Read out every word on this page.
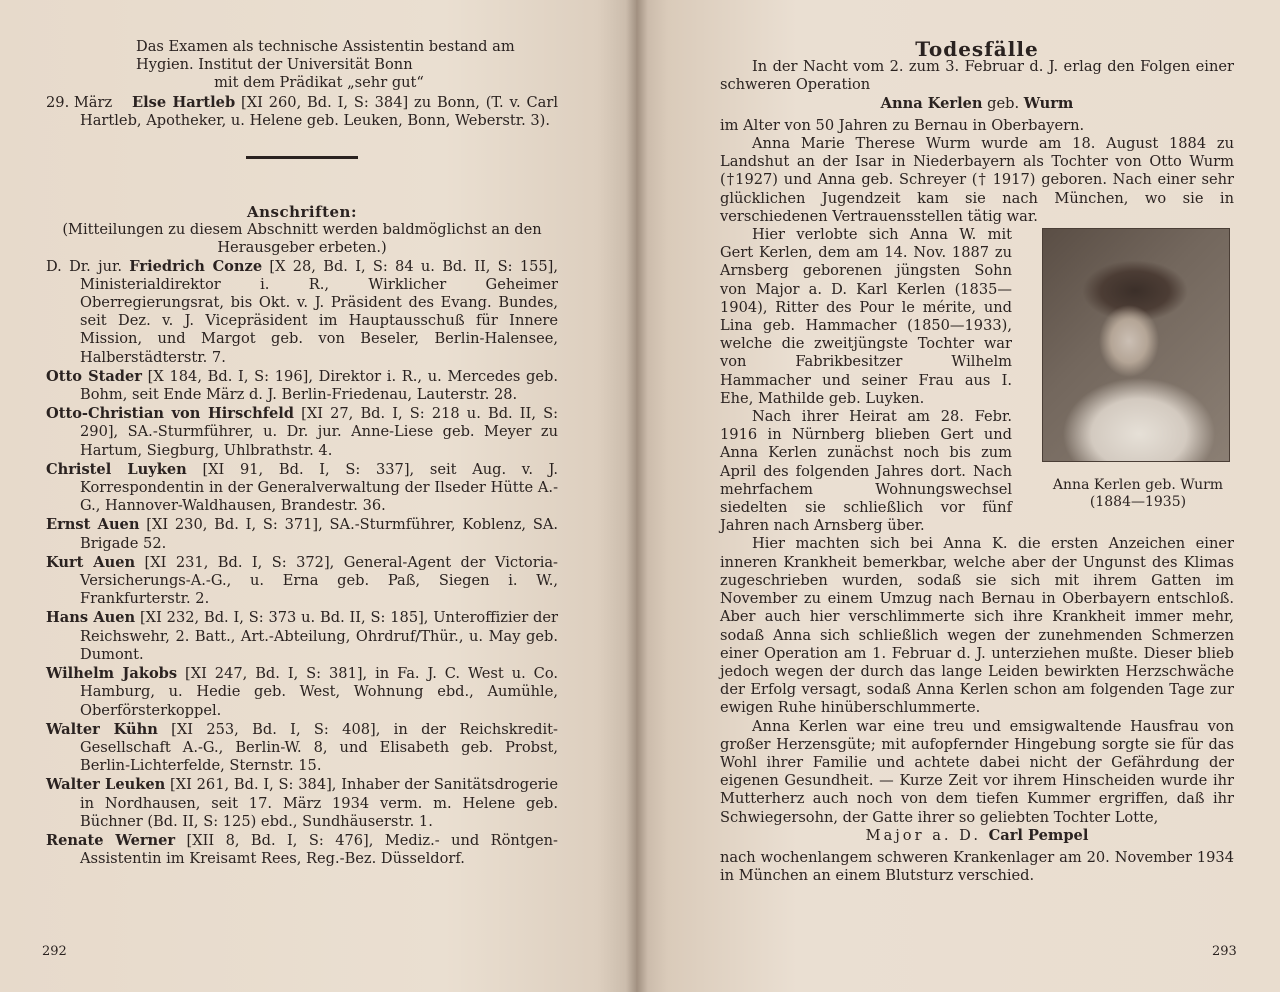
Das Examen als technische Assistentin bestand am

Hygien. Institut der Universität Bonn

mit dem Prädikat „sehr gut“

29. März Else Hartleb [XI 260, Bd. I, S: 384] zu Bonn, (T. v. Carl Hartleb, Apotheker, u. Helene geb. Leuken, Bonn, Weberstr. 3).

Anschriften:

(Mitteilungen zu diesem Abschnitt werden baldmöglichst an den Herausgeber erbeten.)

D. Dr. jur. Friedrich Conze [X 28, Bd. I, S: 84 u. Bd. II, S: 155], Ministerialdirektor i. R., Wirklicher Geheimer Oberregierungsrat, bis Okt. v. J. Präsident des Evang. Bundes, seit Dez. v. J. Vicepräsident im Hauptausschuß für Innere Mission, und Margot geb. von Beseler, Berlin-Halensee, Halberstädterstr. 7.

Otto Stader [X 184, Bd. I, S: 196], Direktor i. R., u. Mercedes geb. Bohm, seit Ende März d. J. Berlin-Friedenau, Lauterstr. 28.

Otto-Christian von Hirschfeld [XI 27, Bd. I, S: 218 u. Bd. II, S: 290], SA.-Sturmführer, u. Dr. jur. Anne-Liese geb. Meyer zu Hartum, Siegburg, Uhlbrathstr. 4.

Christel Luyken [XI 91, Bd. I, S: 337], seit Aug. v. J. Korrespondentin in der Generalverwaltung der Ilseder Hütte A.-G., Hannover-Waldhausen, Brandestr. 36.

Ernst Auen [XI 230, Bd. I, S: 371], SA.-Sturmführer, Koblenz, SA. Brigade 52.

Kurt Auen [XI 231, Bd. I, S: 372], General-Agent der Victoria-Versicherungs-A.-G., u. Erna geb. Paß, Siegen i. W., Frankfurterstr. 2.

Hans Auen [XI 232, Bd. I, S: 373 u. Bd. II, S: 185], Unteroffizier der Reichswehr, 2. Batt., Art.-Abteilung, Ohrdruf/Thür., u. May geb. Dumont.

Wilhelm Jakobs [XI 247, Bd. I, S: 381], in Fa. J. C. West u. Co. Hamburg, u. Hedie geb. West, Wohnung ebd., Aumühle, Oberförsterkoppel.

Walter Kühn [XI 253, Bd. I, S: 408], in der Reichskredit-Gesellschaft A.-G., Berlin-W. 8, und Elisabeth geb. Probst, Berlin-Lichterfelde, Sternstr. 15.

Walter Leuken [XI 261, Bd. I, S: 384], Inhaber der Sanitätsdrogerie in Nordhausen, seit 17. März 1934 verm. m. Helene geb. Büchner (Bd. II, S: 125) ebd., Sundhäuserstr. 1.

Renate Werner [XII 8, Bd. I, S: 476], Mediz.- und Röntgen-Assistentin im Kreisamt Rees, Reg.-Bez. Düsseldorf.

292

Todesfälle

In der Nacht vom 2. zum 3. Februar d. J. erlag den Folgen einer schweren Operation

Anna Kerlen geb. Wurm

im Alter von 50 Jahren zu Bernau in Oberbayern.

Anna Marie Therese Wurm wurde am 18. August 1884 zu Landshut an der Isar in Niederbayern als Tochter von Otto Wurm (†1927) und Anna geb. Schreyer († 1917) geboren. Nach einer sehr glücklichen Jugendzeit kam sie nach München, wo sie in verschiedenen Vertrauensstellen tätig war.

Anna Kerlen geb. Wurm
(1884—1935)

Hier verlobte sich Anna W. mit Gert Kerlen, dem am 14. Nov. 1887 zu Arnsberg geborenen jüngsten Sohn von Major a. D. Karl Kerlen (1835—1904), Ritter des Pour le mérite, und Lina geb. Hammacher (1850—1933), welche die zweitjüngste Tochter war von Fabrikbesitzer Wilhelm Hammacher und seiner Frau aus I. Ehe, Mathilde geb. Luyken.

Nach ihrer Heirat am 28. Febr. 1916 in Nürnberg blieben Gert und Anna Kerlen zunächst noch bis zum April des folgenden Jahres dort. Nach mehrfachem Wohnungswechsel siedelten sie schließlich vor fünf Jahren nach Arnsberg über.

Hier machten sich bei Anna K. die ersten Anzeichen einer inneren Krankheit bemerkbar, welche aber der Ungunst des Klimas zugeschrieben wurden, sodaß sie sich mit ihrem Gatten im November zu einem Umzug nach Bernau in Oberbayern entschloß. Aber auch hier verschlimmerte sich ihre Krankheit immer mehr, sodaß Anna sich schließlich wegen der zunehmenden Schmerzen einer Operation am 1. Februar d. J. unterziehen mußte. Dieser blieb jedoch wegen der durch das lange Leiden bewirkten Herzschwäche der Erfolg versagt, sodaß Anna Kerlen schon am folgenden Tage zur ewigen Ruhe hinüberschlummerte.

Anna Kerlen war eine treu und emsigwaltende Hausfrau von großer Herzensgüte; mit aufopfernder Hingebung sorgte sie für das Wohl ihrer Familie und achtete dabei nicht der Gefährdung der eigenen Gesundheit. — Kurze Zeit vor ihrem Hinscheiden wurde ihr Mutterherz auch noch von dem tiefen Kummer ergriffen, daß ihr Schwiegersohn, der Gatte ihrer so geliebten Tochter Lotte,

Major a. D. Carl Pempel

nach wochenlangem schweren Krankenlager am 20. November 1934 in München an einem Blutsturz verschied.

293
